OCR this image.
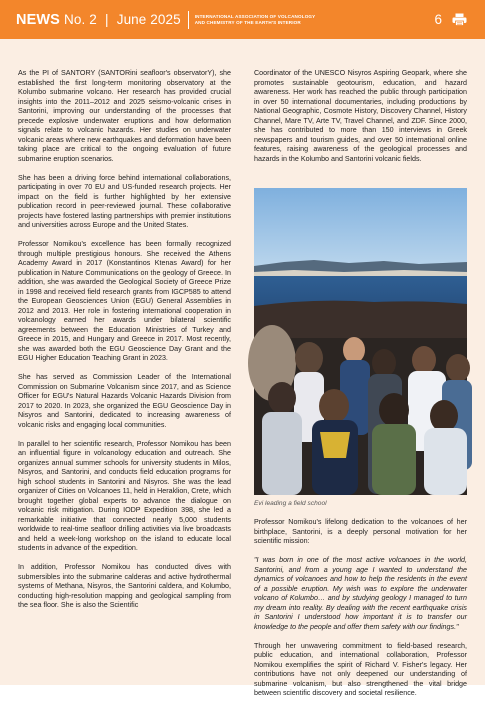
NEWS No. 2 | June 2025	INTERNATIONAL ASSOCIATION OF VOLCANOLOGY
AND CHEMISTRY OF THE EARTH'S INTERIOR	6

As the PI of SANTORY (SANTORini seafloor's observatorY), she established the first long-term monitoring observatory at the Kolumbo submarine volcano. Her research has provided crucial insights into the 2011–2012 and 2025 seismo-volcanic crises in Santorini, improving our understanding of the processes that precede explosive underwater eruptions and how deformation signals relate to volcanic hazards. Her studies on underwater volcanic areas where new earthquakes and deformation have been taking place are critical to the ongoing evaluation of future submarine eruption scenarios.

She has been a driving force behind international collaborations, participating in over 70 EU and US-funded research projects. Her impact on the field is further highlighted by her extensive publication record in peer-reviewed journal. These collaborative projects have fostered lasting partnerships with premier institutions and universities across Europe and the United States.

Professor Nomikou's excellence has been formally recognized through multiple prestigious honours. She received the Athens Academy Award in 2017 (Konstantinos Ktenas Award) for her publication in Nature Communications on the geology of Greece. In addition, she was awarded the Geological Society of Greece Prize in 1998 and received field research grants from IGCP585 to attend the European Geosciences Union (EGU) General Assemblies in 2012 and 2013. Her role in fostering international cooperation in volcanology earned her awards under bilateral scientific agreements between the Education Ministries of Turkey and Greece in 2015, and Hungary and Greece in 2017. Most recently, she was awarded both the EGU Geoscience Day Grant and the EGU Higher Education Teaching Grant in 2023.

She has served as Commission Leader of the International Commission on Submarine Volcanism since 2017, and as Science Officer for EGU's Natural Hazards Volcanic Hazards Division from 2017 to 2020. In 2023, she organized the EGU Geoscience Day in Nisyros and Santorini, dedicated to increasing awareness of volcanic risks and engaging local communities.

In parallel to her scientific research, Professor Nomikou has been an influential figure in volcanology education and outreach. She organizes annual summer schools for university students in Milos, Nisyros, and Santorini, and conducts field education programs for high school students in Santorini and Nisyros. She was the lead organizer of Cities on Volcanoes 11, held in Heraklion, Crete, which brought together global experts to advance the dialogue on volcanic risk mitigation. During IODP Expedition 398, she led a remarkable initiative that connected nearly 5,000 students worldwide to real-time seafloor drilling activities via live broadcasts and held a week-long workshop on the island to educate local students in advance of the expedition.

In addition, Professor Nomikou has conducted dives with submersibles into the submarine calderas and active hydrothermal systems of Methana, Nisyros, the Santorini caldera, and Kolumbo, conducting high-resolution mapping and geological sampling from the sea floor. She is also the Scientific

Coordinator of the UNESCO Nisyros Aspiring Geopark, where she promotes sustainable geotourism, education, and hazard awareness. Her work has reached the public through participation in over 50 international documentaries, including productions by National Geographic, Cosmote History, Discovery Channel, History Channel, Mare TV, Arte TV, Travel Channel, and ZDF. Since 2000, she has contributed to more than 150 interviews in Greek newspapers and tourism guides, and over 50 international online features, raising awareness of the geological processes and hazards in the Kolumbo and Santorini volcanic fields.

Evi leading a field school

Professor Nomikou's lifelong dedication to the volcanoes of her birthplace, Santorini, is a deeply personal motivation for her scientific mission:

"I was born in one of the most active volcanoes in the world, Santorini, and from a young age I wanted to understand the dynamics of volcanoes and how to help the residents in the event of a possible eruption. My wish was to explore the underwater volcano of Kolumbo… and by studying geology I managed to turn my dream into reality. By dealing with the recent earthquake crisis in Santorini I understood how important it is to transfer our knowledge to the people and offer them safety with our findings."

Through her unwavering commitment to field-based research, public education, and international collaboration, Professor Nomikou exemplifies the spirit of Richard V. Fisher's legacy. Her contributions have not only deepened our understanding of submarine volcanism, but also strengthened the vital bridge between scientific discovery and societal resilience.
